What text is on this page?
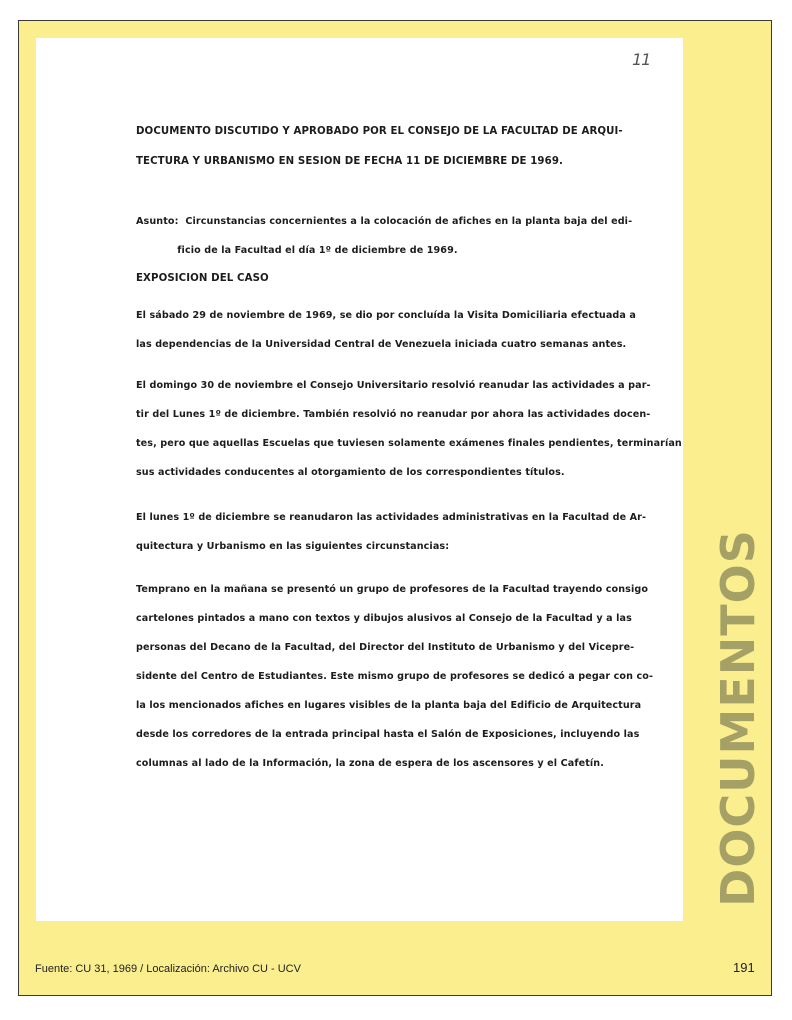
11
DOCUMENTO DISCUTIDO Y APROBADO POR EL CONSEJO DE LA FACULTAD DE ARQUI-
TECTURA Y URBANISMO EN SESION DE FECHA 11 DE DICIEMBRE DE 1969.

Asunto:  Circunstancias concernientes a la colocación de afiches en la planta baja del edi-

ficio de la Facultad el día 1º de diciembre de 1969.

EXPOSICION DEL CASO
El sábado 29 de noviembre de 1969, se dio por concluída la Visita Domiciliaria efectuada a
las dependencias de la Universidad Central de Venezuela iniciada cuatro semanas antes.
El domingo 30 de noviembre el Consejo Universitario resolvió reanudar las actividades a par-
tir del Lunes 1º de diciembre. También resolvió no reanudar por ahora las actividades docen-
tes, pero que aquellas Escuelas que tuviesen solamente exámenes finales pendientes, terminarían
sus actividades conducentes al otorgamiento de los correspondientes títulos.
El lunes 1º de diciembre se reanudaron las actividades administrativas en la Facultad de Ar-
quitectura y Urbanismo en las siguientes circunstancias:
Temprano en la mañana se presentó un grupo de profesores de la Facultad trayendo consigo
cartelones pintados a mano con textos y dibujos alusivos al Consejo de la Facultad y a las
personas del Decano de la Facultad, del Director del Instituto de Urbanismo y del Vicepre-
sidente del Centro de Estudiantes. Este mismo grupo de profesores se dedicó a pegar con co-
la los mencionados afiches en lugares visibles de la planta baja del Edificio de Arquitectura
desde los corredores de la entrada principal hasta el Salón de Exposiciones, incluyendo las
columnas al lado de la Información, la zona de espera de los ascensores y el Cafetín. DOCUMENTOS
Fuente: CU 31, 1969 / Localización: Archivo CU - UCV	191
